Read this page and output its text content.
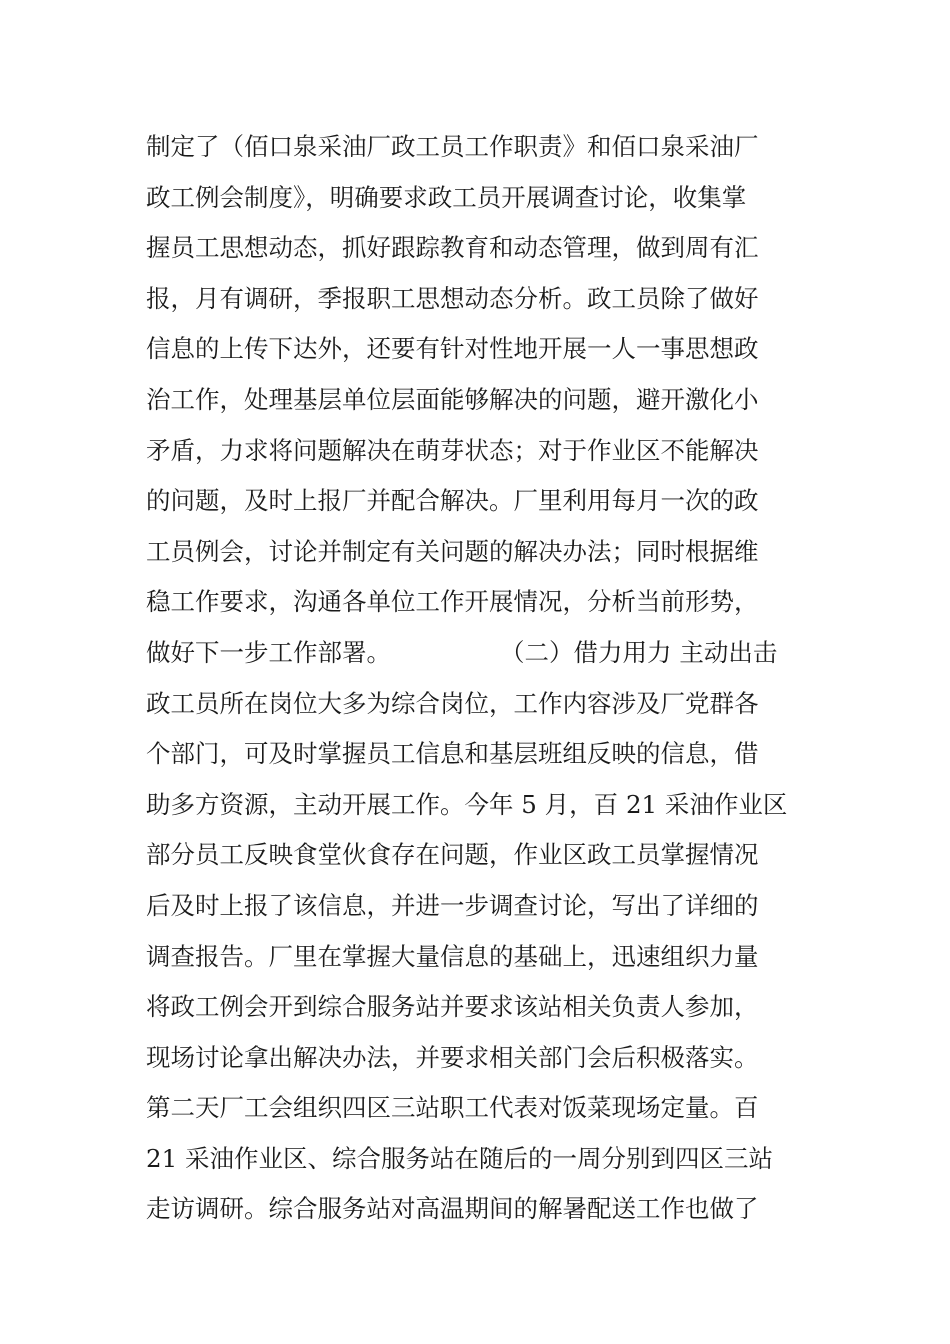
制定了（佰口泉采油厂政工员工作职责》和佰口泉采油厂
政工例会制度》，明确要求政工员开展调查讨论，收集掌
握员工思想动态，抓好跟踪教育和动态管理，做到周有汇
报，月有调研，季报职工思想动态分析。政工员除了做好
信息的上传下达外，还要有针对性地开展一人一事思想政
治工作，处理基层单位层面能够解决的问题，避开激化小
矛盾，力求将问题解决在萌芽状态；对于作业区不能解决
的问题，及时上报厂并配合解决。厂里利用每月一次的政
工员例会，讨论并制定有关问题的解决办法；同时根据维
稳工作要求，沟通各单位工作开展情况，分析当前形势，
做好下一步工作部署。              （二）借力用力 主动出击
政工员所在岗位大多为综合岗位，工作内容涉及厂党群各
个部门，可及时掌握员工信息和基层班组反映的信息，借
助多方资源，主动开展工作。今年 5 月，百 21 采油作业区
部分员工反映食堂伙食存在问题，作业区政工员掌握情况
后及时上报了该信息，并进一步调查讨论，写出了详细的
调查报告。厂里在掌握大量信息的基础上，迅速组织力量
将政工例会开到综合服务站并要求该站相关负责人参加，
现场讨论拿出解决办法，并要求相关部门会后积极落实。
第二天厂工会组织四区三站职工代表对饭菜现场定量。百
21 采油作业区、综合服务站在随后的一周分别到四区三站
走访调研。综合服务站对高温期间的解暑配送工作也做了
